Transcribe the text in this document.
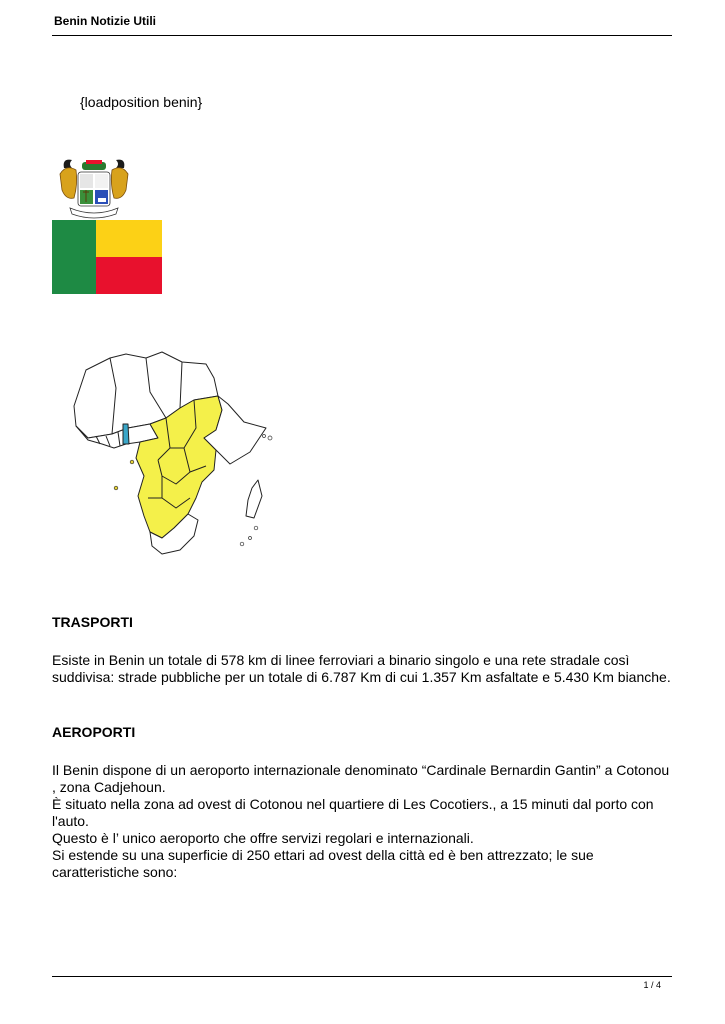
Benin Notizie Utili
{loadposition benin}
TRASPORTI

Esiste in Benin un totale di 578 km di linee ferroviari a binario singolo e una rete stradale così suddivisa: strade pubbliche per un totale di 6.787 Km di cui 1.357 Km asfaltate e 5.430 Km bianche.

AEROPORTI

Il Benin dispone di un aeroporto internazionale denominato “Cardinale Bernardin Gantin” a Cotonou , zona Cadjehoun.

È situato nella zona ad ovest di Cotonou nel quartiere di Les Cocotiers., a 15 minuti dal porto con l'auto.

Questo è l’ unico aeroporto che offre servizi regolari e internazionali.

Si estende su una superficie di 250 ettari ad ovest della città ed è ben attrezzato; le sue caratteristiche sono:

1 / 4
